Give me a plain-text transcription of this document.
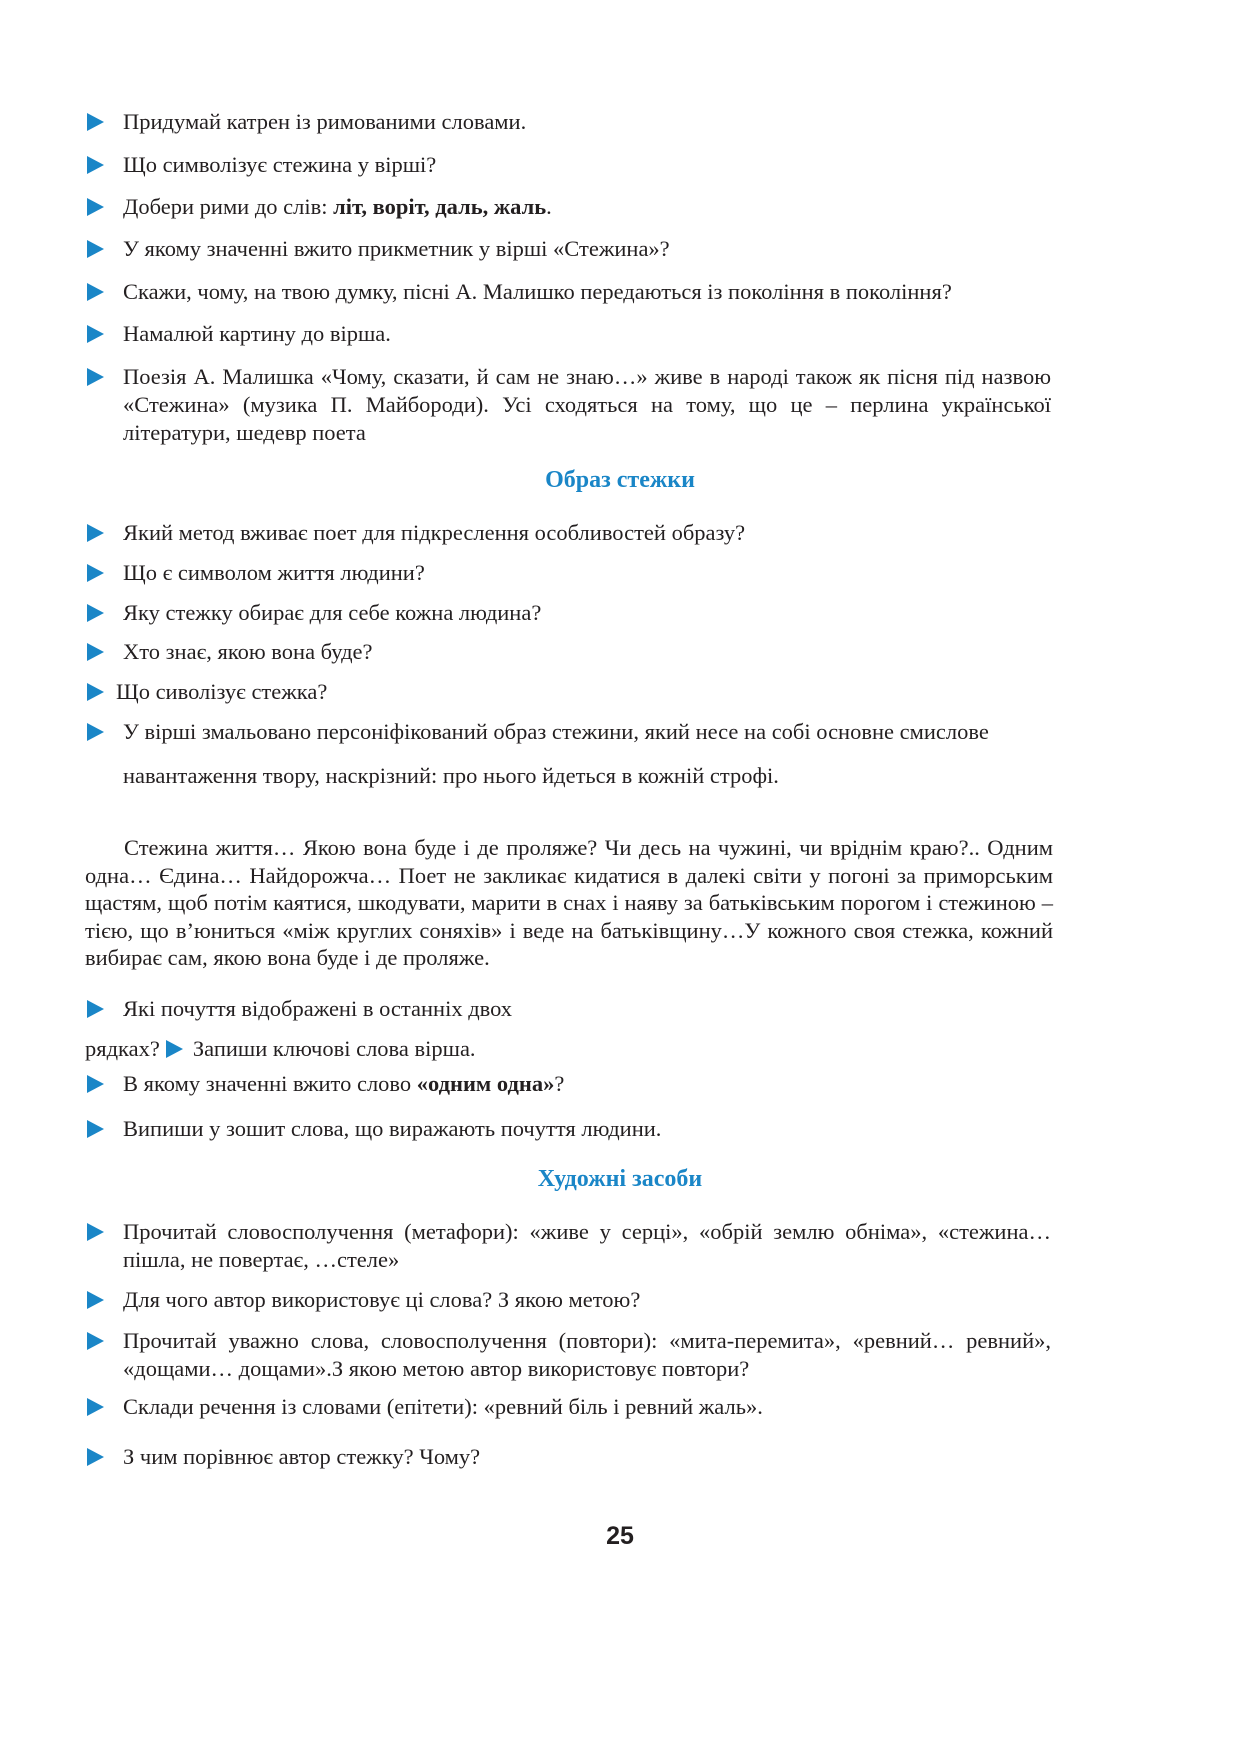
Придумай катрен із римованими словами.
Що символізує стежина у вірші?
Добери рими до слів: літ, воріт, даль, жаль.
У якому значенні вжито прикметник у вірші «Стежина»?
Скажи, чому, на твою думку, пісні А. Малишко передаються із покоління в покоління?
Намалюй картину до вірша.
Поезія А. Малишка «Чому, сказати, й сам не знаю…» живе в народі також як пісня під назвою «Стежина» (музика П. Майбороди). Усі сходяться на тому, що це – перлина української літератури, шедевр поета
Образ стежки
Який метод вживає поет для підкреслення особливостей образу?
Що є символом життя людини?
Яку стежку обирає для себе кожна людина?
Хто знає, якою вона буде?
Що сиволізує стежка?
У вірші змальовано персоніфікований образ стежини, який несе на собі основне смислове
навантаження твору, наскрізний: про нього йдеться в кожній строфі.
Стежина життя… Якою вона буде і де проляже? Чи десь на чужині, чи вріднім краю?.. Одним одна… Єдина… Найдорожча… Поет не закликає кидатися в далекі світи у погоні за приморським щастям, щоб потім каятися, шкодувати, марити в снах і наяву за батьківським порогом і стежиною – тією, що в’юниться «між круглих соняхів» і веде на батьківщину…У кожного своя стежка, кожний вибирає сам, якою вона буде і де проляже.
Які почуття відображені в останніх двох
рядках? Запиши ключові слова вірша.
В якому значенні вжито слово «одним одна»?
Випиши у зошит слова, що виражають почуття людини.
Художні засоби
Прочитай словосполучення (метафори): «живе у серці», «обрій землю обніма», «стежина… пішла, не повертає, …стеле»
Для чого автор використовує ці слова? З якою метою?
Прочитай уважно слова, словосполучення (повтори): «мита-перемита», «ревний… ревний», «дощами… дощами».З якою метою автор використовує повтори?
Склади речення із словами (епітети): «ревний біль і ревний жаль».
З чим порівнює автор стежку? Чому?
25
